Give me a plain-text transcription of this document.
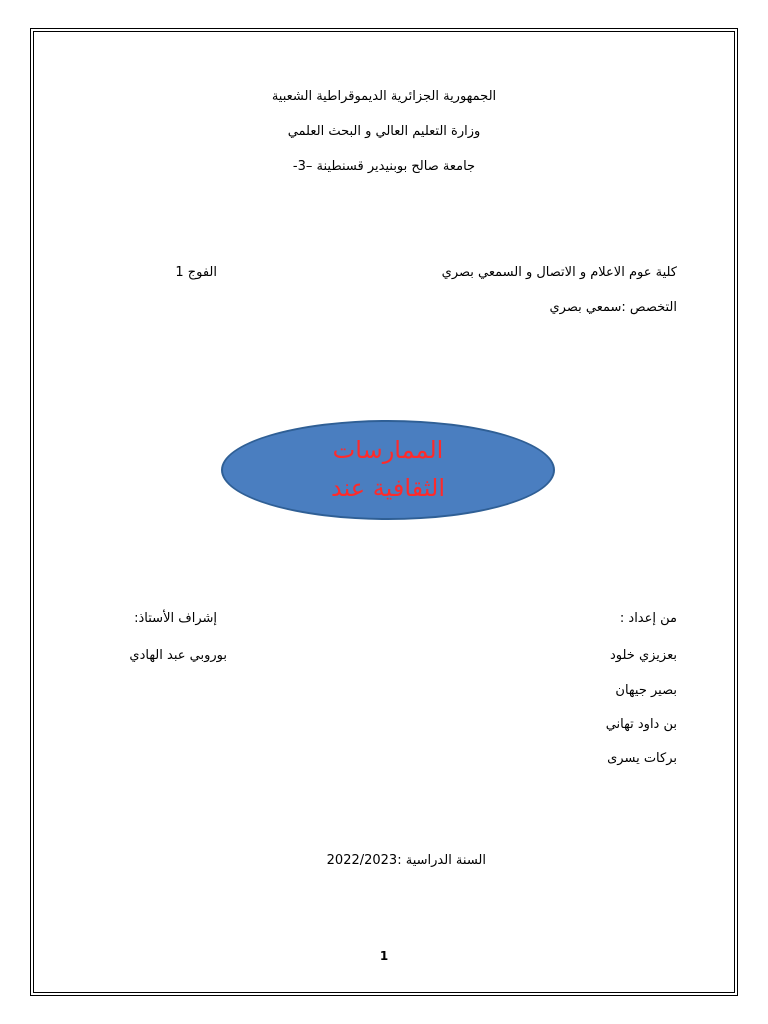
الجمهورية الجزائرية الديموقراطية الشعبية
وزارة التعليم العالي و البحث العلمي
جامعة صالح بوبنيدير قسنطينة –3-
كلية عوم الاعلام و الاتصال و السمعي بصري
الفوج 1
التخصص :سمعي بصري
الممارسات
الثقافية عند
من إعداد :
إشراف الأستاذ:
بعزيزي خلود
بوروبي عبد الهادي
بصير جيهان
بن داود تهاني
بركات يسرى
السنة الدراسية :2022/2023
1
